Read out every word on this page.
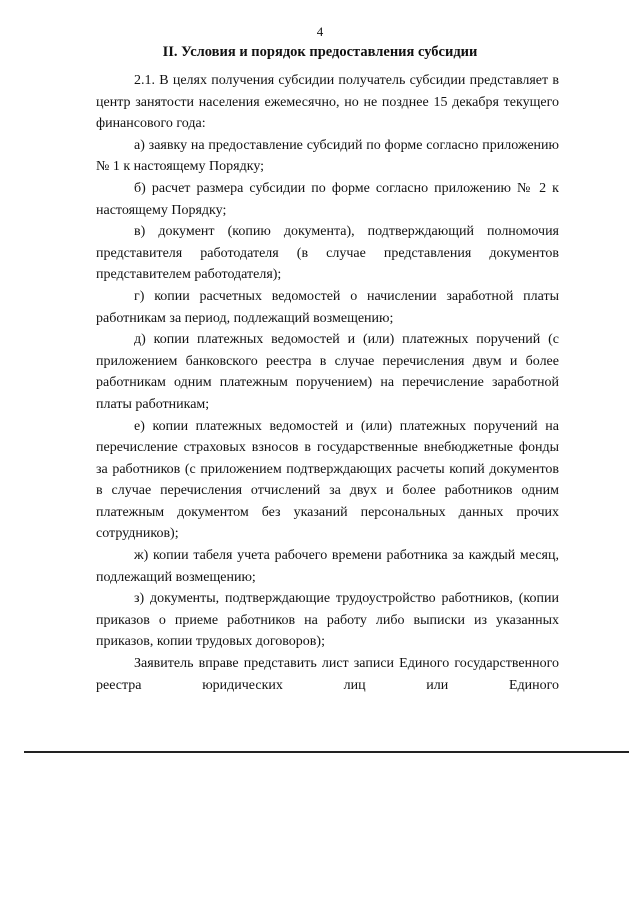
4
II. Условия и порядок предоставления субсидии

2.1. В целях получения субсидии получатель субсидии представляет в центр занятости населения ежемесячно, но не позднее 15 декабря текущего финансового года:

а) заявку на предоставление субсидий по форме согласно приложению № 1 к настоящему Порядку;

б) расчет размера субсидии по форме согласно приложению № 2 к настоящему Порядку;

в) документ (копию документа), подтверждающий полномочия представителя работодателя (в случае представления документов представителем работодателя);

г) копии расчетных ведомостей о начислении заработной платы работникам за период, подлежащий возмещению;

д) копии платежных ведомостей и (или) платежных поручений (с приложением банковского реестра в случае перечисления двум и более работникам одним платежным поручением) на перечисление заработной платы работникам;

е) копии платежных ведомостей и (или) платежных поручений на перечисление страховых взносов в государственные внебюджетные фонды за работников (с приложением подтверждающих расчеты копий документов в случае перечисления отчислений за двух и более работников одним платежным документом без указаний персональных данных прочих сотрудников);

ж) копии табеля учета рабочего времени работника за каждый месяц, подлежащий возмещению;

з) документы, подтверждающие трудоустройство работников, (копии приказов о приеме работников на работу либо выписки из указанных приказов, копии трудовых договоров);

Заявитель вправе представить лист записи Единого государственного реестра юридических лиц или Единого
